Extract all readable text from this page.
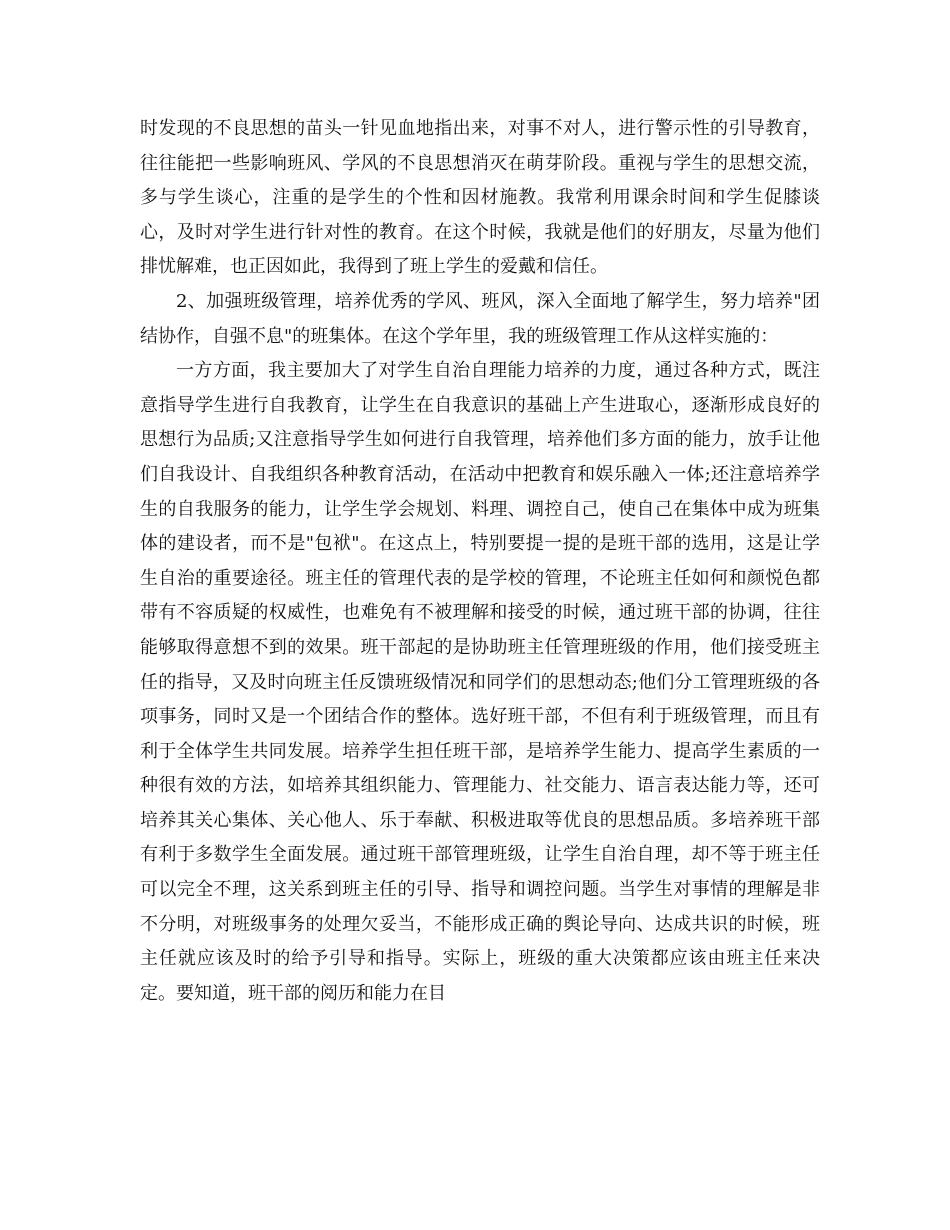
时发现的不良思想的苗头一针见血地指出来，对事不对人，进行警示性的引导教育，往往能把一些影响班风、学风的不良思想消灭在萌芽阶段。重视与学生的思想交流，多与学生谈心，注重的是学生的个性和因材施教。我常利用课余时间和学生促膝谈心，及时对学生进行针对性的教育。在这个时候，我就是他们的好朋友，尽量为他们排忧解难，也正因如此，我得到了班上学生的爱戴和信任。

2、加强班级管理，培养优秀的学风、班风，深入全面地了解学生，努力培养"团结协作，自强不息"的班集体。在这个学年里，我的班级管理工作从这样实施的：

一方方面，我主要加大了对学生自治自理能力培养的力度，通过各种方式，既注意指导学生进行自我教育，让学生在自我意识的基础上产生进取心，逐渐形成良好的思想行为品质;又注意指导学生如何进行自我管理，培养他们多方面的能力，放手让他们自我设计、自我组织各种教育活动，在活动中把教育和娱乐融入一体;还注意培养学生的自我服务的能力，让学生学会规划、料理、调控自己，使自己在集体中成为班集体的建设者，而不是"包袱"。在这点上，特别要提一提的是班干部的选用，这是让学生自治的重要途径。班主任的管理代表的是学校的管理，不论班主任如何和颜悦色都带有不容质疑的权威性，也难免有不被理解和接受的时候，通过班干部的协调，往往能够取得意想不到的效果。班干部起的是协助班主任管理班级的作用，他们接受班主任的指导，又及时向班主任反馈班级情况和同学们的思想动态;他们分工管理班级的各项事务，同时又是一个团结合作的整体。选好班干部，不但有利于班级管理，而且有利于全体学生共同发展。培养学生担任班干部，是培养学生能力、提高学生素质的一种很有效的方法，如培养其组织能力、管理能力、社交能力、语言表达能力等，还可培养其关心集体、关心他人、乐于奉献、积极进取等优良的思想品质。多培养班干部有利于多数学生全面发展。通过班干部管理班级，让学生自治自理，却不等于班主任可以完全不理，这关系到班主任的引导、指导和调控问题。当学生对事情的理解是非不分明，对班级事务的处理欠妥当，不能形成正确的舆论导向、达成共识的时候，班主任就应该及时的给予引导和指导。实际上，班级的重大决策都应该由班主任来决定。要知道，班干部的阅历和能力在目
